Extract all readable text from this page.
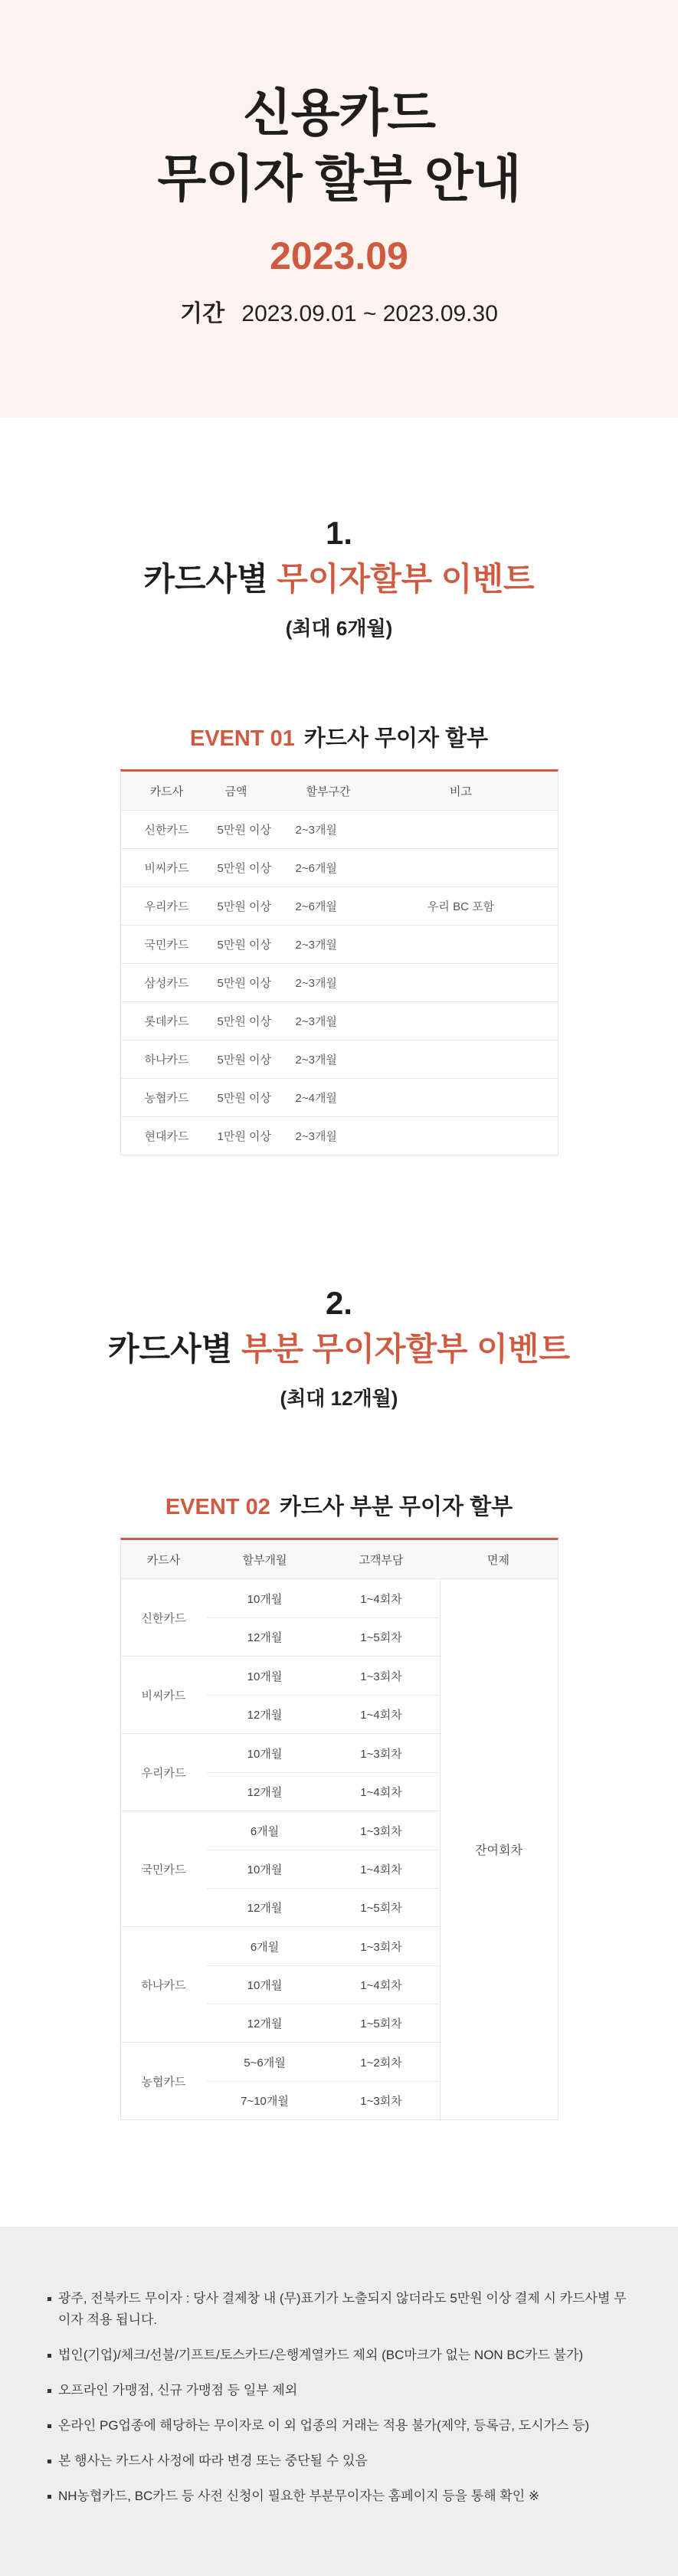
신용카드
무이자 할부 안내
2023.09
기간 2023.09.01 ~ 2023.09.30
1.
카드사별 무이자할부 이벤트
(최대 6개월)
EVENT 01 카드사 무이자 할부
카드사	금액	할부구간	비고
신한카드	5만원 이상	2~3개월
비씨카드	5만원 이상	2~6개월
우리카드	5만원 이상	2~6개월	우리 BC 포함
국민카드	5만원 이상	2~3개월
삼성카드	5만원 이상	2~3개월
롯데카드	5만원 이상	2~3개월
하나카드	5만원 이상	2~3개월
농협카드	5만원 이상	2~4개월
현대카드	1만원 이상	2~3개월
2.
카드사별 부분 무이자할부 이벤트
(최대 12개월)
EVENT 02 카드사 부분 무이자 할부
카드사	할부개월	고객부담	면제
신한카드
10개월	1~4회차
12개월	1~5회차
비씨카드
10개월	1~3회차
12개월	1~4회차
우리카드
10개월	1~3회차
12개월	1~4회차
국민카드
6개월	1~3회차
10개월	1~4회차
12개월	1~5회차
하나카드
6개월	1~3회차
10개월	1~4회차
12개월	1~5회차
농협카드
5~6개월	1~2회차
7~10개월	1~3회차
잔여회차
광주, 전북카드 무이자 : 당사 결제창 내 (무)표기가 노출되지 않더라도 5만원 이상 결제 시 카드사별 무이자 적용 됩니다.
법인(기업)/체크/선불/기프트/토스카드/은행계열카드 제외 (BC마크가 없는 NON BC카드 불가)
오프라인 가맹점, 신규 가맹점 등 일부 제외
온라인 PG업종에 해당하는 무이자로 이 외 업종의 거래는 적용 불가(제약, 등록금, 도시가스 등)
본 행사는 카드사 사정에 따라 변경 또는 중단될 수 있음
NH농협카드, BC카드 등 사전 신청이 필요한 부분무이자는 홈페이지 등을 통해 확인 ※
